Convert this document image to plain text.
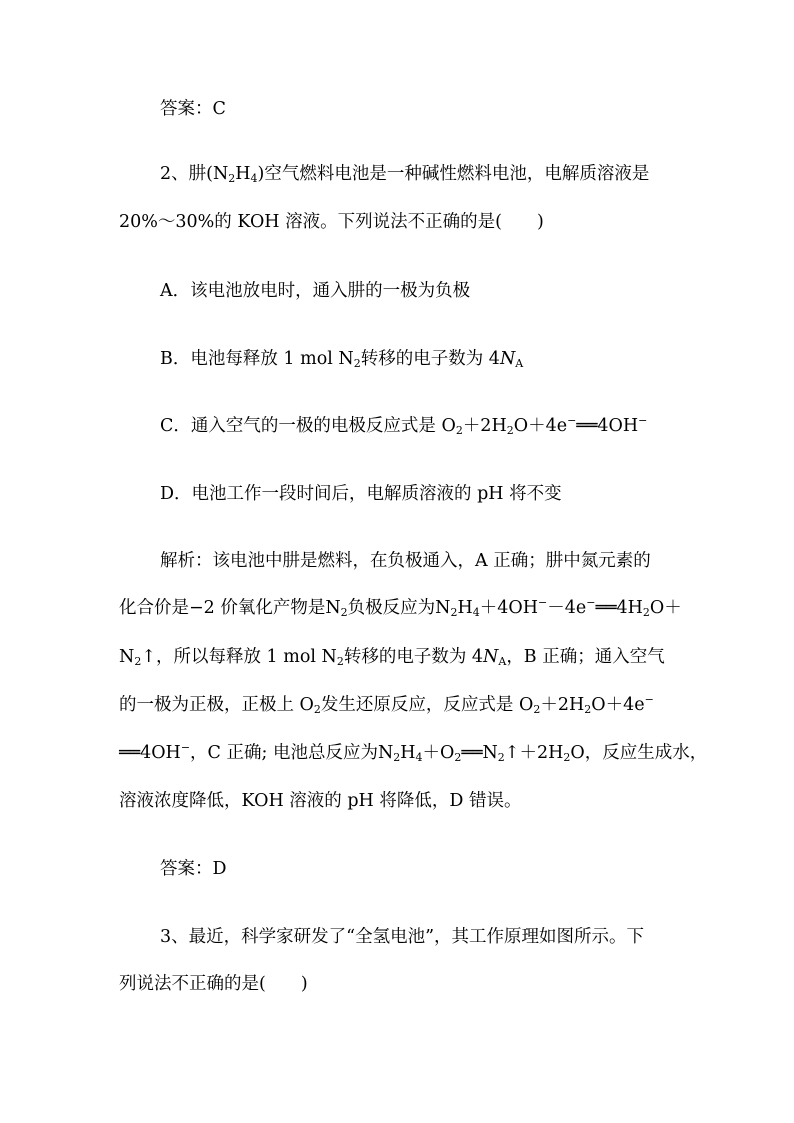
答案：C
2、肼$(N_2H_4)$空气燃料电池是一种碱性燃料电池，电解质溶液是
20%～30%的 KOH 溶液。下列说法不正确的是(　　)
A．该电池放电时，通入肼的一极为负极
B．电池每释放 1 mol $N_2$转移的电子数为 $4N_A$
C．通入空气的一极的电极反应式是 $O_2+2H_2O+4e^-══4OH^-$
D．电池工作一段时间后，电解质溶液的 pH 将不变
解析：该电池中肼是燃料，在负极通入，A 正确；肼中氮元素的
化合价是−2 价氧化产物是$N_2$负极反应为$N_2H_4+4OH^--4e^-══4H_2O+$
$N_2↑$，所以每释放 1 mol $N_2$转移的电子数为 $4N_A$，B 正确；通入空气
的一极为正极，正极上 $O_2$发生还原反应，反应式是 $O_2+2H_2O+4e^-$
══4OH−，C 正确; 电池总反应为$N_2H_4+O_2══N_2↑+2H_2O$，反应生成水，
溶液浓度降低，KOH 溶液的 pH 将降低，D 错误。
答案：D
3、最近，科学家研发了“全氢电池”，其工作原理如图所示。下
列说法不正确的是(　　)
